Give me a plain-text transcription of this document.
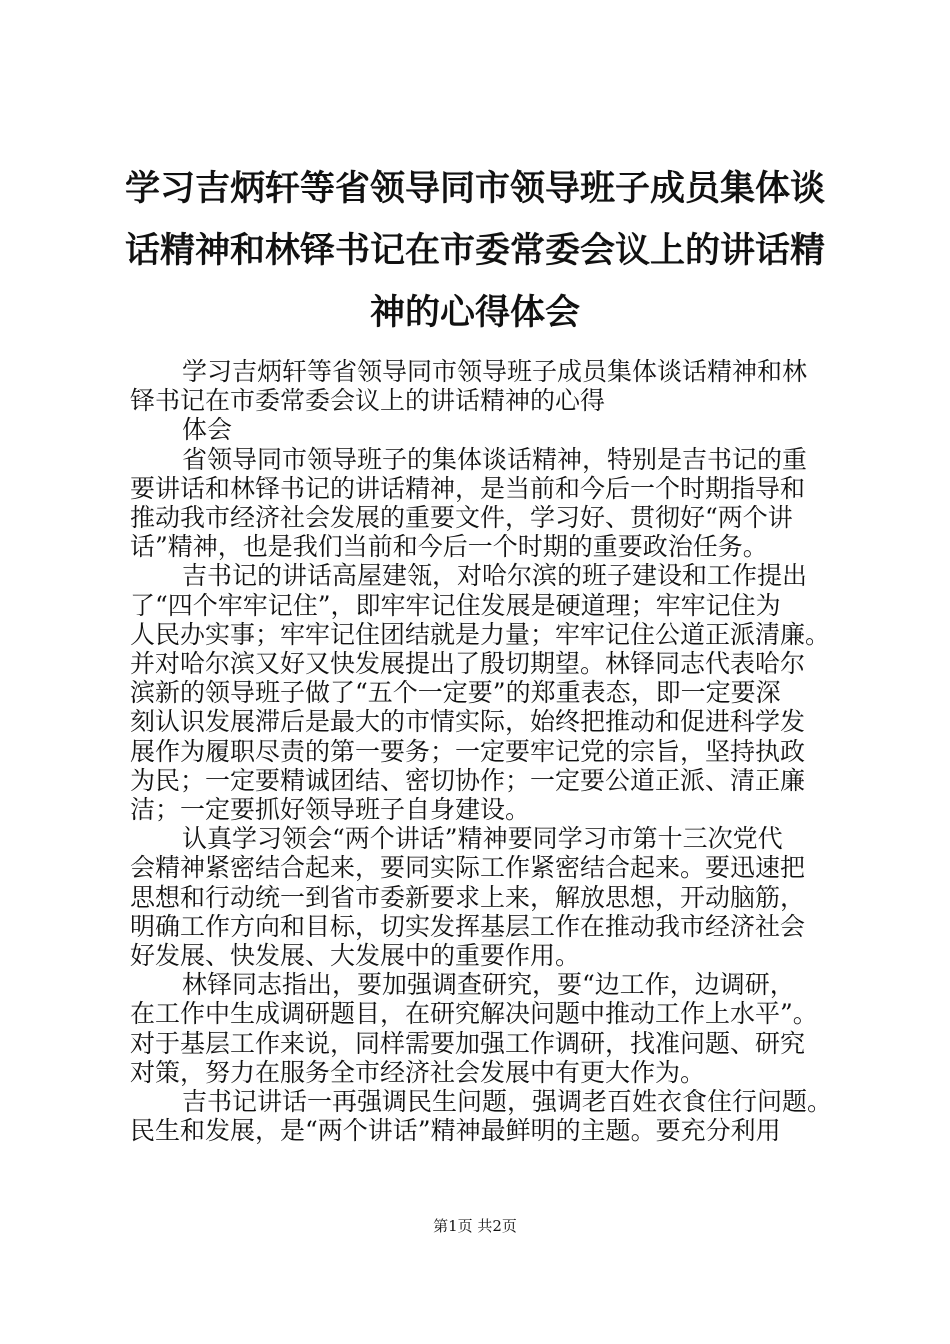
学习吉炳轩等省领导同市领导班子成员集体谈
话精神和林铎书记在市委常委会议上的讲话精
神的心得体会
学习吉炳轩等省领导同市领导班子成员集体谈话精神和林
铎书记在市委常委会议上的讲话精神的心得
体会
省领导同市领导班子的集体谈话精神，特别是吉书记的重
要讲话和林铎书记的讲话精神，是当前和今后一个时期指导和
推动我市经济社会发展的重要文件，学习好、贯彻好“两个讲
话”精神，也是我们当前和今后一个时期的重要政治任务。
吉书记的讲话高屋建瓴，对哈尔滨的班子建设和工作提出
了“四个牢牢记住”，即牢牢记住发展是硬道理；牢牢记住为
人民办实事；牢牢记住团结就是力量；牢牢记住公道正派清廉。
并对哈尔滨又好又快发展提出了殷切期望。林铎同志代表哈尔
滨新的领导班子做了“五个一定要”的郑重表态，即一定要深
刻认识发展滞后是最大的市情实际，始终把推动和促进科学发
展作为履职尽责的第一要务；一定要牢记党的宗旨，坚持执政
为民；一定要精诚团结、密切协作；一定要公道正派、清正廉
洁；一定要抓好领导班子自身建设。
认真学习领会“两个讲话”精神要同学习市第十三次党代
会精神紧密结合起来，要同实际工作紧密结合起来。要迅速把
思想和行动统一到省市委新要求上来，解放思想，开动脑筋，
明确工作方向和目标，切实发挥基层工作在推动我市经济社会
好发展、快发展、大发展中的重要作用。
林铎同志指出，要加强调查研究，要“边工作，边调研，
在工作中生成调研题目，在研究解决问题中推动工作上水平”。
对于基层工作来说，同样需要加强工作调研，找准问题、研究
对策，努力在服务全市经济社会发展中有更大作为。
吉书记讲话一再强调民生问题，强调老百姓衣食住行问题。
民生和发展，是“两个讲话”精神最鲜明的主题。要充分利用
第1页 共2页
